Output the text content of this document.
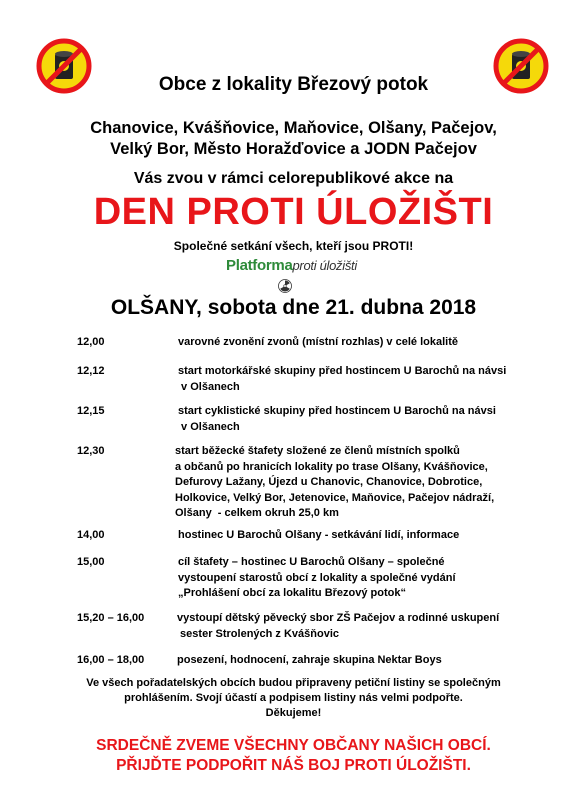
Obce z lokality Březový potok
Chanovice, Kvášňovice, Maňovice, Olšany, Pačejov,
Velký Bor, Město Horažďovice a JODN Pačejov
Vás zvou v rámci celorepublikové akce na
DEN PROTI ÚLOŽIŠTI
Společné setkání všech, kteří jsou PROTI!
Platformaproti úložišti
OLŠANY, sobota dne 21. dubna 2018
12,00	varovné zvonění zvonů (místní rozhlas) v celé lokalitě
12,12	start motorkářské skupiny před hostincem U Barochů na návsi
v Olšanech
12,15	start cyklistické skupiny před hostincem U Barochů na návsi
v Olšanech
12,30	start běžecké štafety složené ze členů místních spolků
a občanů po hranicích lokality po trase Olšany, Kvášňovice,
Defurovy Lažany, Újezd u Chanovic, Chanovice, Dobrotice,
Holkovice, Velký Bor, Jetenovice, Maňovice, Pačejov nádraží,
Olšany  - celkem okruh 25,0 km
14,00	hostinec U Barochů Olšany - setkávání lidí, informace
15,00	cíl štafety – hostinec U Barochů Olšany – společné
vystoupení starostů obcí z lokality a společné vydání
„Prohlášení obcí za lokalitu Březový potok“
15,20 – 16,00	vystoupí dětský pěvecký sbor ZŠ Pačejov a rodinné uskupení
sester Strolených z Kvášňovic
16,00 – 18,00	posezení, hodnocení, zahraje skupina Nektar Boys
Ve všech pořadatelských obcích budou připraveny petiční listiny se společným
prohlášením. Svojí účastí a podpisem listiny nás velmi podpořte.
Děkujeme!
SRDEČNĚ ZVEME VŠECHNY OBČANY NAŠICH OBCÍ.
PŘIJĎTE PODPOŘIT NÁŠ BOJ PROTI ÚLOŽIŠTI.
